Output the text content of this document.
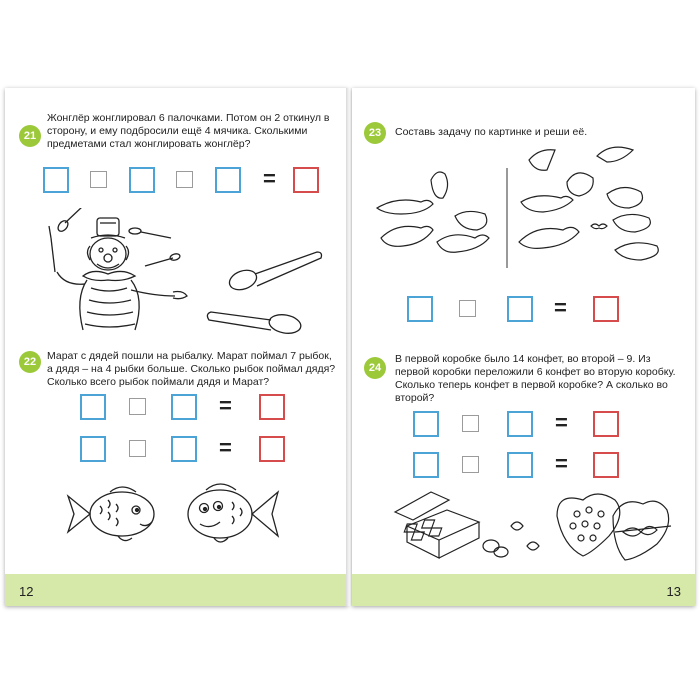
21
Жонглёр жонглировал 6 палочками. Потом он 2 откинул в сторону, и ему подбросили ещё 4 мячика. Сколькими предметами стал жонглировать жонглёр?
=
22	Марат с дядей пошли на рыбалку. Марат поймал 7 рыбок, а дядя – на 4 рыбки больше. Сколько рыбок поймал дядя? Сколько всего рыбок поймали дядя и Марат?
=
=
12
23	Составь задачу по картинке и реши её.
=
24
В первой коробке было 14 конфет, во второй – 9. Из первой коробки переложили 6 конфет во вторую коробку. Сколько теперь конфет в первой коробке? А сколько во второй?
=
=
13
